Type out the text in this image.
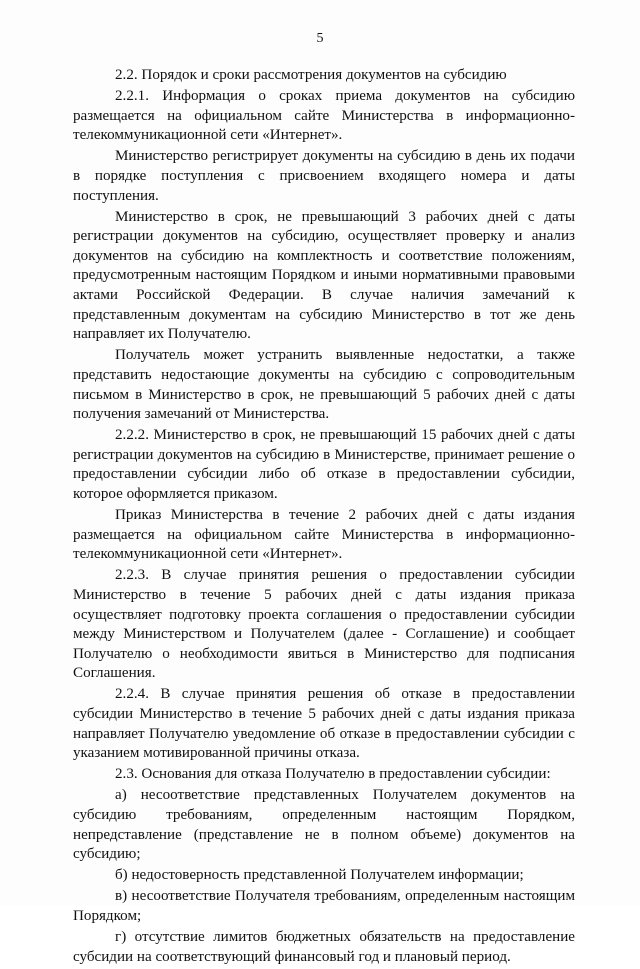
5

2.2. Порядок и сроки рассмотрения документов на субсидию

2.2.1. Информация о сроках приема документов на субсидию размещается на официальном сайте Министерства в информационно-телекоммуникационной сети «Интернет».

Министерство регистрирует документы на субсидию в день их подачи в порядке поступления с присвоением входящего номера и даты поступления.

Министерство в срок, не превышающий 3 рабочих дней с даты регистрации документов на субсидию, осуществляет проверку и анализ документов на субсидию на комплектность и соответствие положениям, предусмотренным настоящим Порядком и иными нормативными правовыми актами Российской Федерации. В случае наличия замечаний к представленным документам на субсидию Министерство в тот же день направляет их Получателю.

Получатель может устранить выявленные недостатки, а также представить недостающие документы на субсидию с сопроводительным письмом в Министерство в срок, не превышающий 5 рабочих дней с даты получения замечаний от Министерства.

2.2.2. Министерство в срок, не превышающий 15 рабочих дней с даты регистрации документов на субсидию в Министерстве, принимает решение о предоставлении субсидии либо об отказе в предоставлении субсидии, которое оформляется приказом.

Приказ Министерства в течение 2 рабочих дней с даты издания размещается на официальном сайте Министерства в информационно-телекоммуникационной сети «Интернет».

2.2.3. В случае принятия решения о предоставлении субсидии Министерство в течение 5 рабочих дней с даты издания приказа осуществляет подготовку проекта соглашения о предоставлении субсидии между Министерством и Получателем (далее - Соглашение) и сообщает Получателю о необходимости явиться в Министерство для подписания Соглашения.

2.2.4. В случае принятия решения об отказе в предоставлении субсидии Министерство в течение 5 рабочих дней с даты издания приказа направляет Получателю уведомление об отказе в предоставлении субсидии с указанием мотивированной причины отказа.

2.3. Основания для отказа Получателю в предоставлении субсидии:

а) несоответствие представленных Получателем документов на субсидию требованиям, определенным настоящим Порядком, непредставление (представление не в полном объеме) документов на субсидию;

б) недостоверность представленной Получателем информации;

в) несоответствие Получателя требованиям, определенным настоящим Порядком;

г) отсутствие лимитов бюджетных обязательств на предоставление субсидии на соответствующий финансовый год и плановый период.
